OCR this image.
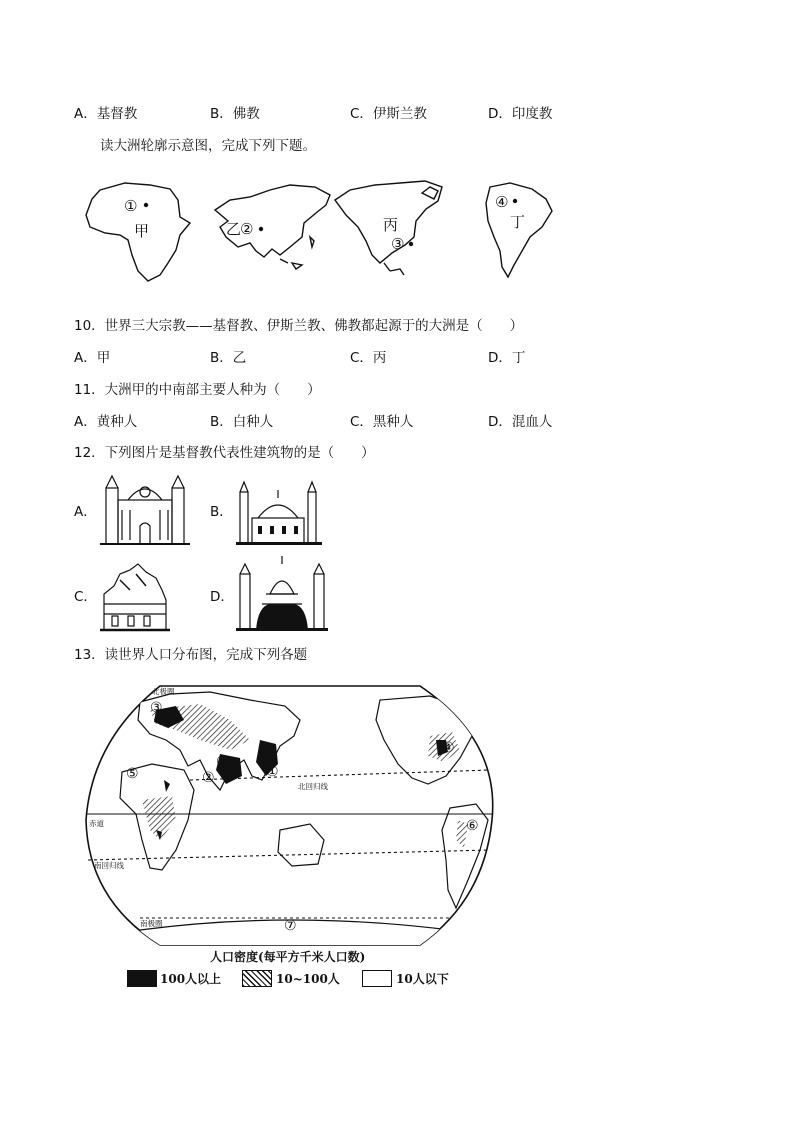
A．基督教	B．佛教	C．伊斯兰教	D．印度教
读大洲轮廓示意图，完成下列下题。
①
甲	乙
②	丙
③
④
丁
10．世界三大宗教——基督教、伊斯兰教、佛教都起源于的大洲是（　　）
A．甲	B．乙	C．丙	D．丁
11．大洲甲的中南部主要人种为（　　）
A．黄种人	B．白种人	C．黑种人	D．混血人
12．下列图片是基督教代表性建筑物的是（　　）
A．	B．
C．	D．
13．读世界人口分布图，完成下列各题
北极圈
北回归线
赤道
南回归线
南极圈
①
②
③
④
⑤
⑥
⑦
⑧
人口密度(每平方千米人口数)
100人以上	10~100人	10人以下
